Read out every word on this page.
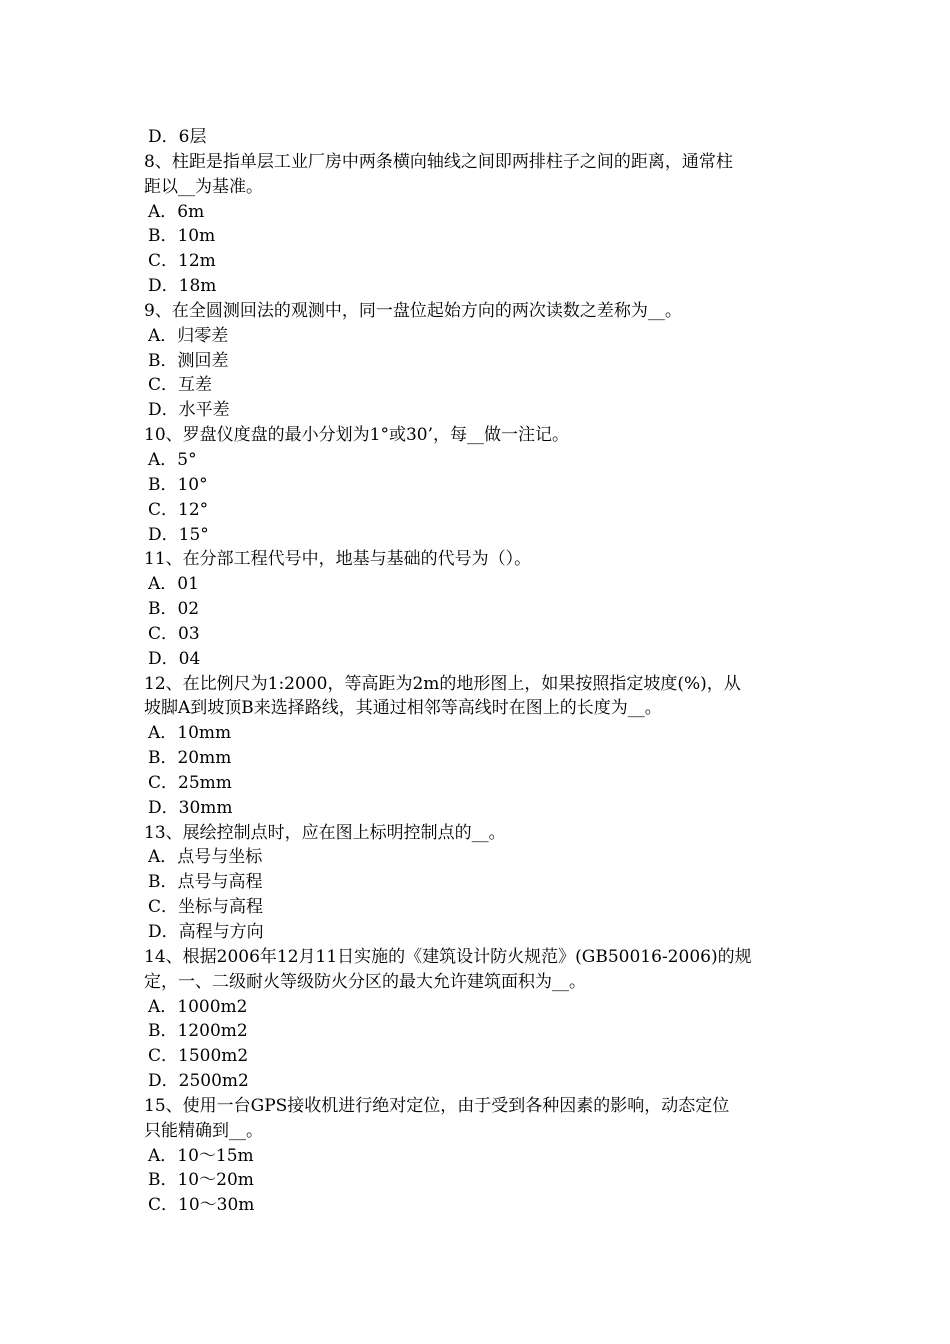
D．6层
8、柱距是指单层工业厂房中两条横向轴线之间即两排柱子之间的距离，通常柱
距以__为基准。
A．6m
B．10m
C．12m
D．18m
9、在全圆测回法的观测中，同一盘位起始方向的两次读数之差称为__。
A．归零差
B．测回差
C．互差
D．水平差
10、罗盘仪度盘的最小分划为1°或30’，每__做一注记。
A．5°
B．10°
C．12°
D．15°
11、在分部工程代号中，地基与基础的代号为（）。
A．01
B．02
C．03
D．04
12、在比例尺为1:2000，等高距为2m的地形图上，如果按照指定坡度(%)，从
坡脚A到坡顶B来选择路线，其通过相邻等高线时在图上的长度为__。
A．10mm
B．20mm
C．25mm
D．30mm
13、展绘控制点时，应在图上标明控制点的__。
A．点号与坐标
B．点号与高程
C．坐标与高程
D．高程与方向
14、根据2006年12月11日实施的《建筑设计防火规范》(GB50016-2006)的规
定，一、二级耐火等级防火分区的最大允许建筑面积为__。
A．1000m2
B．1200m2
C．1500m2
D．2500m2
15、使用一台GPS接收机进行绝对定位，由于受到各种因素的影响，动态定位
只能精确到__。
A．10～15m
B．10～20m
C．10～30m
